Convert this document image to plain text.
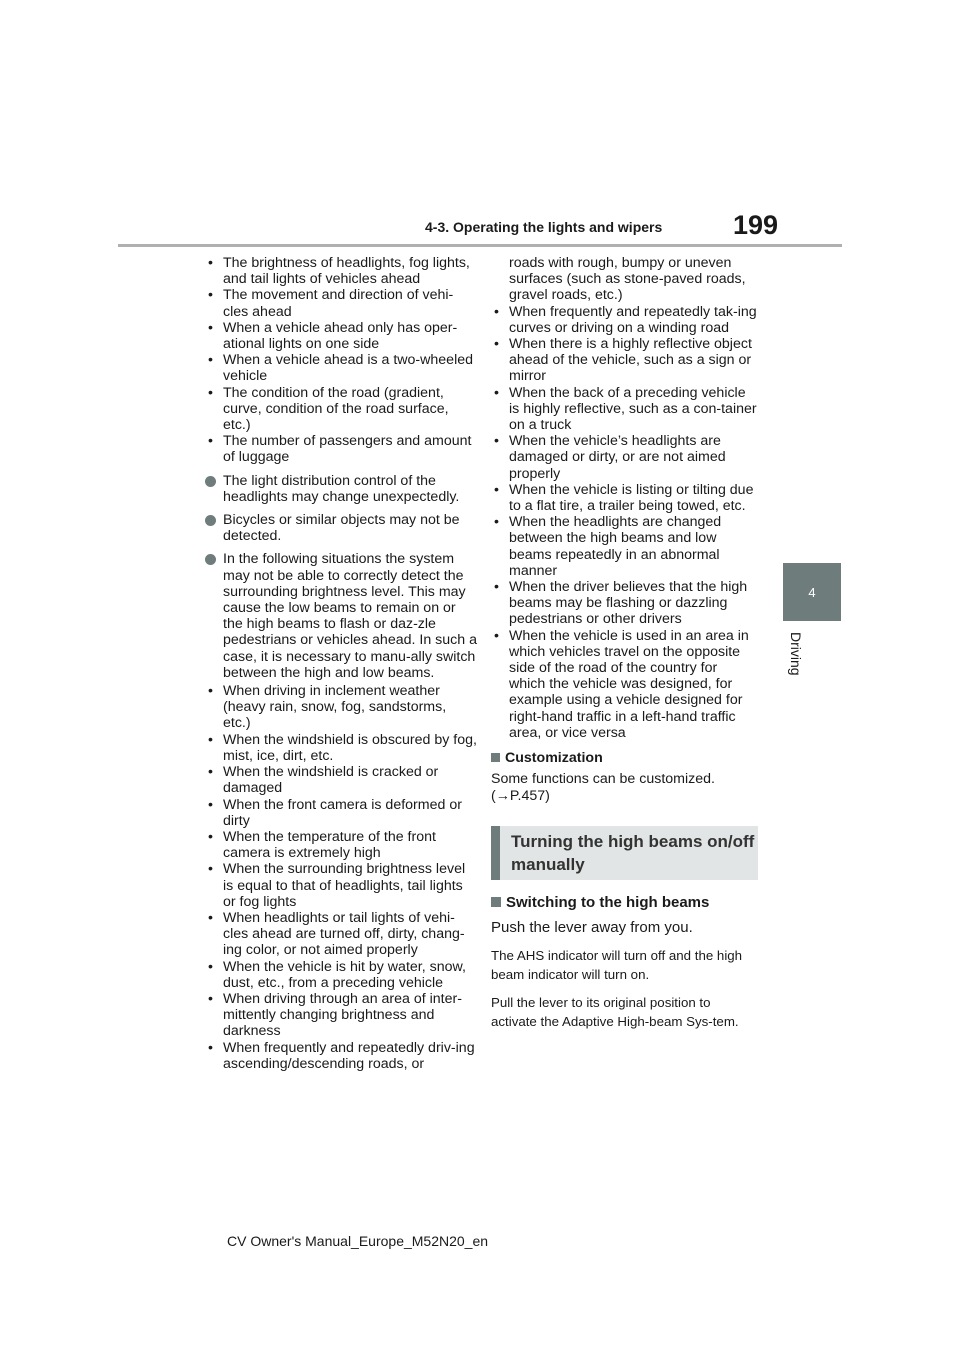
4-3. Operating the lights and wipers	199
4
Driving
• The brightness of headlights, fog lights, and tail lights of vehicles ahead
• The movement and direction of vehi-cles ahead
• When a vehicle ahead only has oper-ational lights on one side
• When a vehicle ahead is a two-wheeled vehicle
• The condition of the road (gradient, curve, condition of the road surface, etc.)
• The number of passengers and amount of luggage
The light distribution control of the headlights may change unexpectedly.
Bicycles or similar objects may not be detected.
In the following situations the system may not be able to correctly detect the surrounding brightness level. This may cause the low beams to remain on or the high beams to flash or daz-zle pedestrians or vehicles ahead. In such a case, it is necessary to manu-ally switch between the high and low beams.
• When driving in inclement weather (heavy rain, snow, fog, sandstorms, etc.)
• When the windshield is obscured by fog, mist, ice, dirt, etc.
• When the windshield is cracked or damaged
• When the front camera is deformed or dirty
• When the temperature of the front camera is extremely high
• When the surrounding brightness level is equal to that of headlights, tail lights or fog lights
• When headlights or tail lights of vehi-cles ahead are turned off, dirty, chang-ing color, or not aimed properly
• When the vehicle is hit by water, snow, dust, etc., from a preceding vehicle
• When driving through an area of inter-mittently changing brightness and darkness
• When frequently and repeatedly driv-ing ascending/descending roads, or
roads with rough, bumpy or uneven surfaces (such as stone-paved roads, gravel roads, etc.)
• When frequently and repeatedly tak-ing curves or driving on a winding road
• When there is a highly reflective object ahead of the vehicle, such as a sign or mirror
• When the back of a preceding vehicle is highly reflective, such as a con-tainer on a truck
• When the vehicle’s headlights are damaged or dirty, or are not aimed properly
• When the vehicle is listing or tilting due to a flat tire, a trailer being towed, etc.
• When the headlights are changed between the high beams and low beams repeatedly in an abnormal manner
• When the driver believes that the high beams may be flashing or dazzling pedestrians or other drivers
• When the vehicle is used in an area in which vehicles travel on the opposite side of the road of the country for which the vehicle was designed, for example using a vehicle designed for right-hand traffic in a left-hand traffic area, or vice versa
Customization
Some functions can be customized. (→P.457)
Turning the high beams on/off manually
Switching to the high beams
Push the lever away from you.
The AHS indicator will turn off and the high beam indicator will turn on.
Pull the lever to its original position to activate the Adaptive High-beam Sys-tem.
CV Owner's Manual_Europe_M52N20_en
